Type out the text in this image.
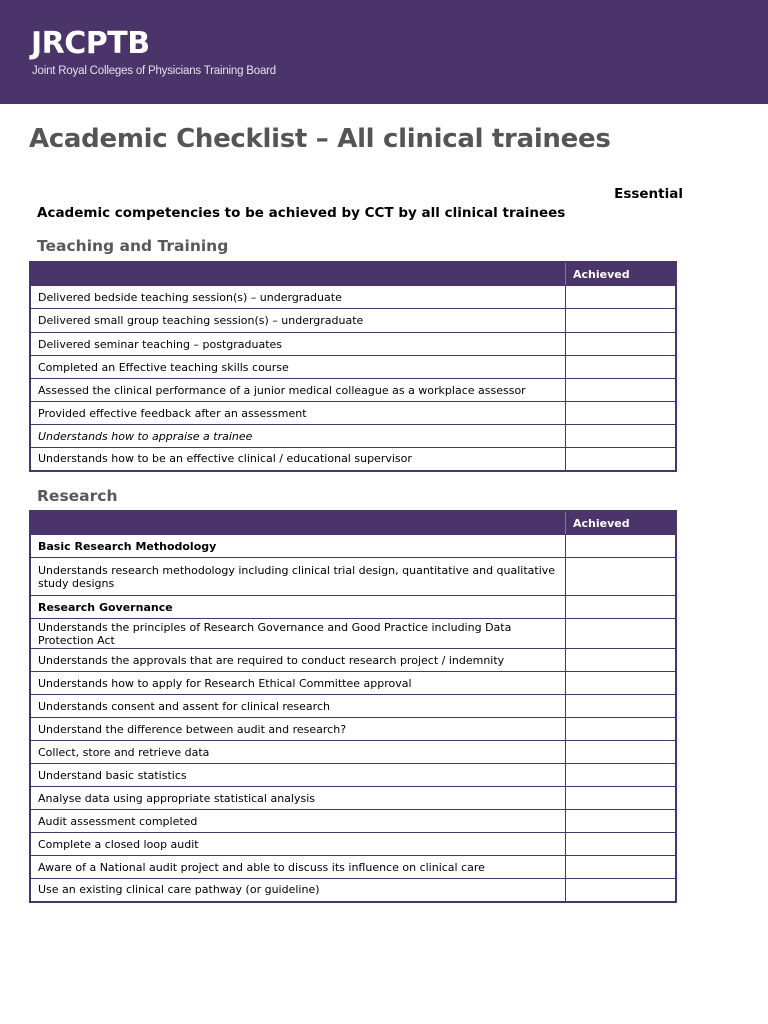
JRCPTB
Joint Royal Colleges of Physicians Training Board
Academic Checklist – All clinical trainees
Essential
Academic competencies to be achieved by CCT by all clinical trainees
Teaching and Training
	Achieved
Delivered bedside teaching session(s) – undergraduate	
Delivered small group teaching session(s) – undergraduate	
Delivered seminar teaching – postgraduates	
Completed an Effective teaching skills course	
Assessed the clinical performance of a junior medical colleague as a workplace assessor	
Provided effective feedback after an assessment	
Understands how to appraise a trainee	
Understands how to be an effective clinical / educational supervisor	
Research
	Achieved
Basic Research Methodology	
Understands research methodology including clinical trial design, quantitative and qualitative study designs	
Research Governance	
Understands the principles of Research Governance and Good Practice including Data Protection Act	
Understands the approvals that are required to conduct research project / indemnity	
Understands how to apply for Research Ethical Committee approval	
Understands consent and assent for clinical research	
Understand the difference between audit and research?	
Collect, store and retrieve data	
Understand basic statistics	
Analyse data using appropriate statistical analysis	
Audit assessment completed	
Complete a closed loop audit	
Aware of a National audit project and able to discuss its influence on clinical care	
Use an existing clinical care pathway (or guideline)	
